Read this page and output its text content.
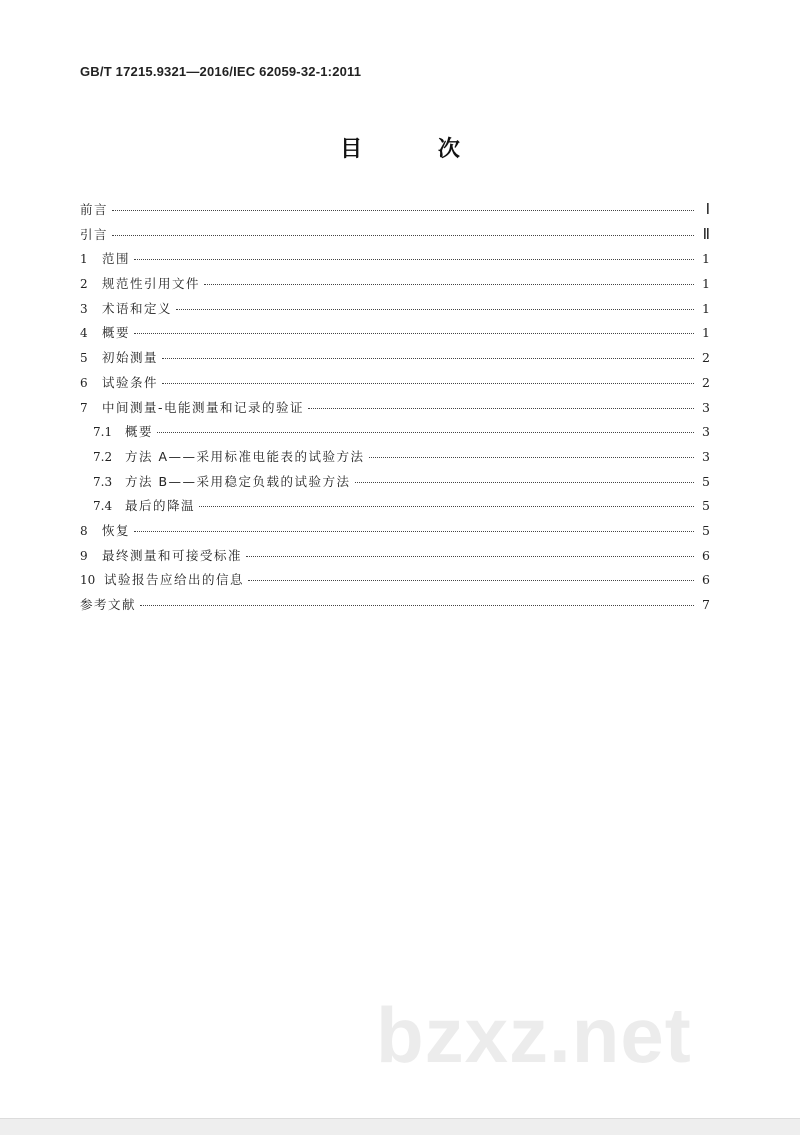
GB/T 17215.9321—2016/IEC 62059-32-1:2011
目 次
前言	Ⅰ
引言	Ⅱ
1	范围	1
2	规范性引用文件	1
3	术语和定义	1
4	概要	1
5	初始测量	2
6	试验条件	2
7	中间测量-电能测量和记录的验证	3
7.1	概要	3
7.2	方法 A——采用标准电能表的试验方法	3
7.3	方法 B——采用稳定负载的试验方法	5
7.4	最后的降温	5
8	恢复	5
9	最终测量和可接受标准	6
10 试验报告应给出的信息	6
参考文献	7
bzxz.net
